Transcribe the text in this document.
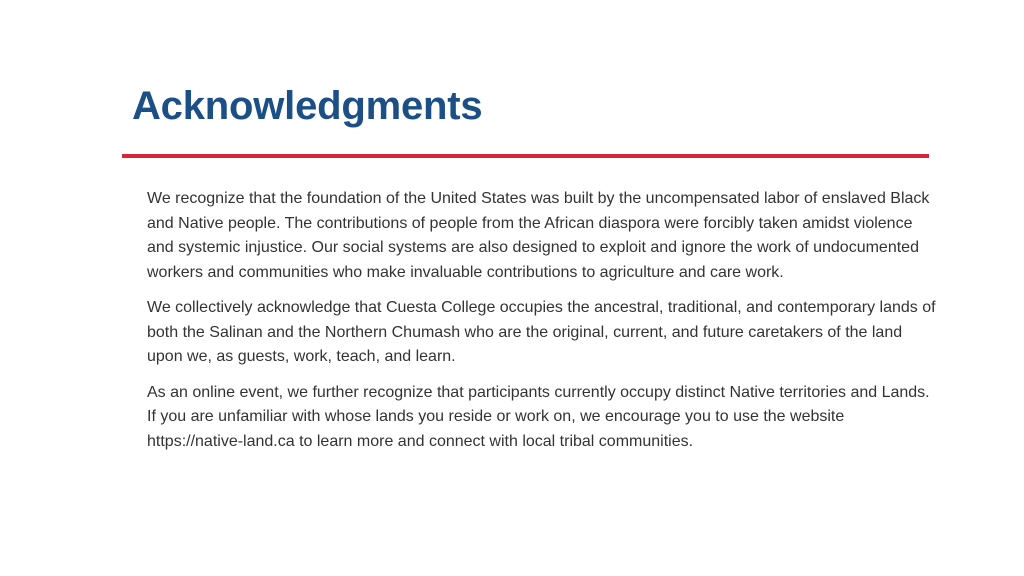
Acknowledgments

We recognize that the foundation of the United States was built by the uncompensated labor of enslaved Black and Native people. The contributions of people from the African diaspora were forcibly taken amidst violence and systemic injustice. Our social systems are also designed to exploit and ignore the work of undocumented workers and communities who make invaluable contributions to agriculture and care work.

We collectively acknowledge that Cuesta College occupies the ancestral, traditional, and contemporary lands of both the Salinan and the Northern Chumash who are the original, current, and future caretakers of the land upon we, as guests, work, teach, and learn.

As an online event, we further recognize that participants currently occupy distinct Native territories and Lands. If you are unfamiliar with whose lands you reside or work on, we encourage you to use the website https://native-land.ca to learn more and connect with local tribal communities.
